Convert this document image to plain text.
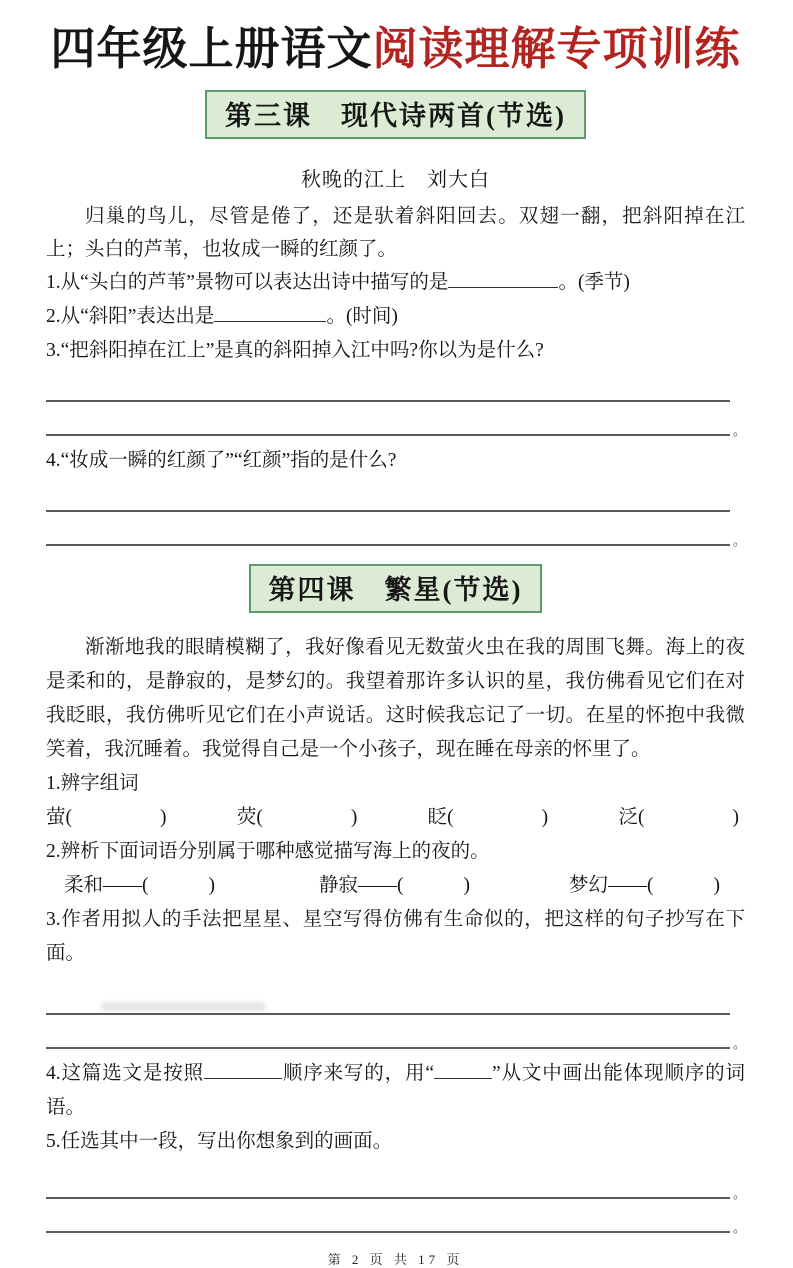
四年级上册语文阅读理解专项训练
第三课　现代诗两首(节选)
秋晚的江上　刘大白

归巢的鸟儿，尽管是倦了，还是驮着斜阳回去。双翅一翻，把斜阳掉在江上；头白的芦苇，也妆成一瞬的红颜了。

1.从“头白的芦苇”景物可以表达出诗中描写的是	。(季节)

2.从“斜阳”表达出是	。(时间)

3.“把斜阳掉在江上”是真的斜阳掉入江中吗?你以为是什么?

。

4.“妆成一瞬的红颜了”“红颜”指的是什么?

。
第四课　繁星(节选)

渐渐地我的眼睛模糊了，我好像看见无数萤火虫在我的周围飞舞。海上的夜是柔和的，是静寂的，是梦幻的。我望着那许多认识的星，我仿佛看见它们在对我眨眼，我仿佛听见它们在小声说话。这时候我忘记了一切。在星的怀抱中我微笑着，我沉睡着。我觉得自己是一个小孩子，现在睡在母亲的怀里了。

1.辨字组词

萤(	)	荧(	)	眨(	)	泛(	)

2.辨析下面词语分别属于哪种感觉描写海上的夜的。

柔和——(	)	静寂——(	)	梦幻——(	)

3.作者用拟人的手法把星星、星空写得仿佛有生命似的，把这样的句子抄写在下面。

。

4.这篇选文是按照	顺序来写的，用“	”从文中画出能体现顺序的词语。

5.任选其中一段，写出你想象到的画面。

。
。
第 2 页 共 17 页
